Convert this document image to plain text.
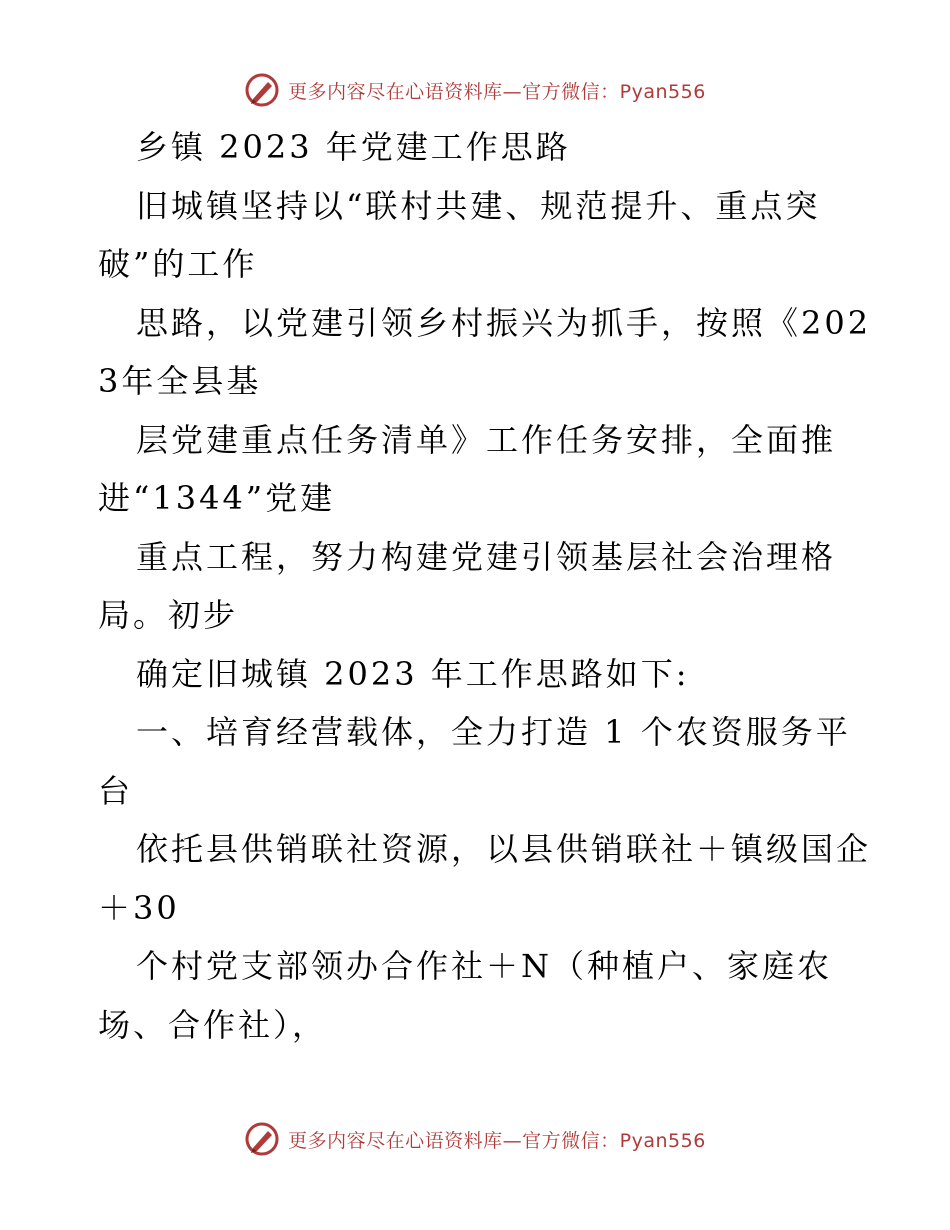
更多内容尽在心语资料库—官方微信：Pyan556

乡镇 2023 年党建工作思路

旧城镇坚持以“联村共建、规范提升、重点突破”的工作

思路，以党建引领乡村振兴为抓手，按照《2023年全县基

层党建重点任务清单》工作任务安排，全面推进“1344”党建

重点工程，努力构建党建引领基层社会治理格局。初步

确定旧城镇 2023 年工作思路如下:

一、培育经营载体，全力打造 1 个农资服务平台

依托县供销联社资源，以县供销联社＋镇级国企＋30

个村党支部领办合作社＋N（种植户、家庭农场、合作社），

更多内容尽在心语资料库—官方微信：Pyan556
